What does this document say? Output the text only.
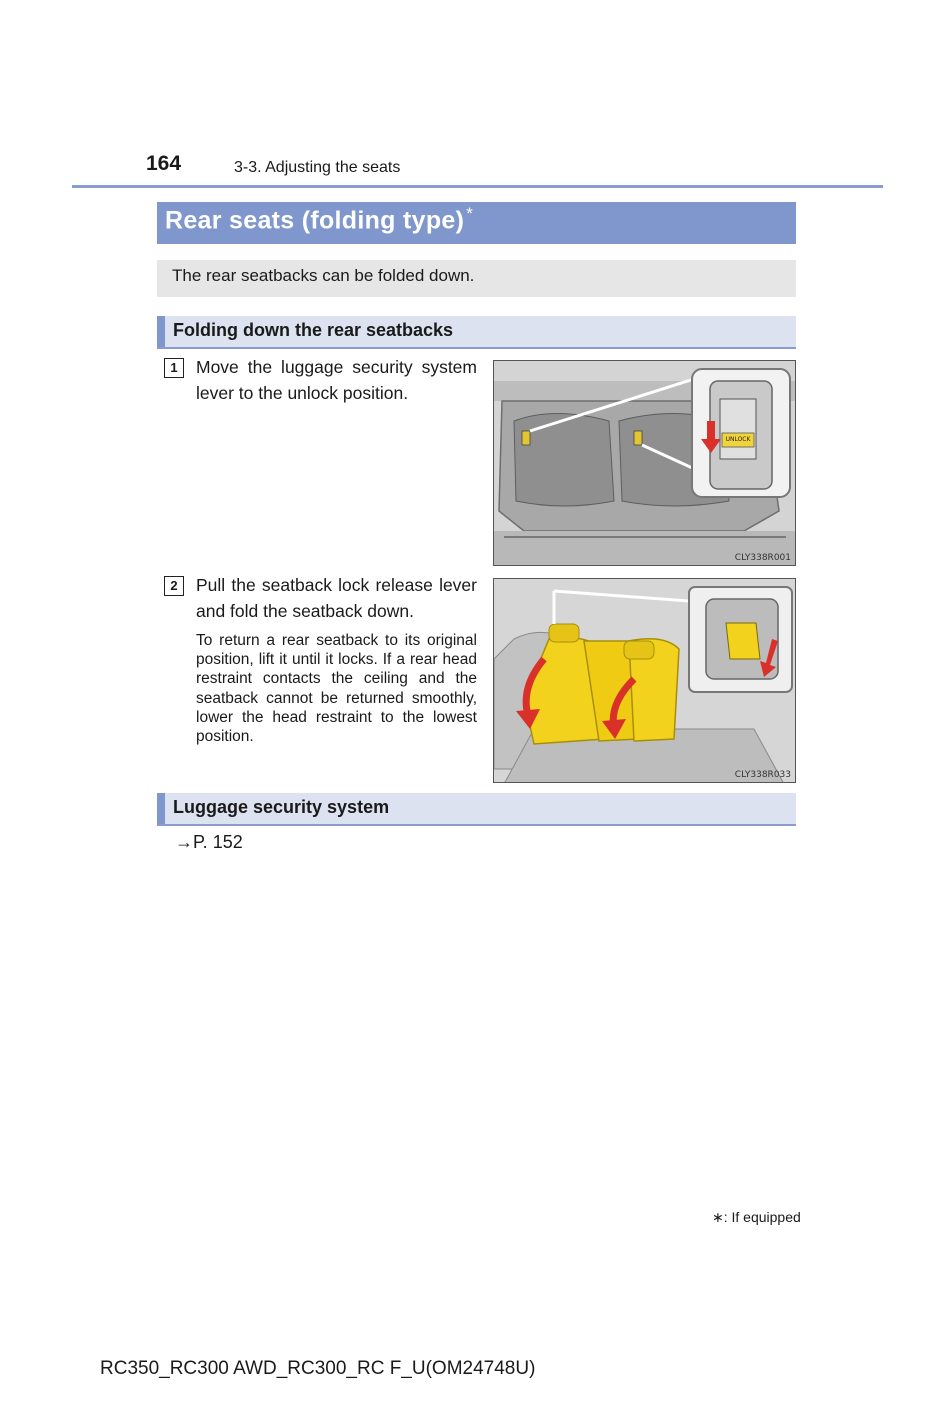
164	3-3. Adjusting the seats
Rear seats (folding type) *
The rear seatbacks can be folded down.
Folding down the rear seatbacks
1	Move the luggage security system lever to the unlock position.
UNLOCK
CLY338R001
2	Pull the seatback lock release lever and fold the seatback down.
To return a rear seatback to its original position, lift it until it locks. If a rear head restraint contacts the ceiling and the seatback cannot be returned smoothly, lower the head restraint to the lowest position.
CLY338R033
Luggage security system
→P. 152
∗: If equipped
RC350_RC300 AWD_RC300_RC F_U(OM24748U)
